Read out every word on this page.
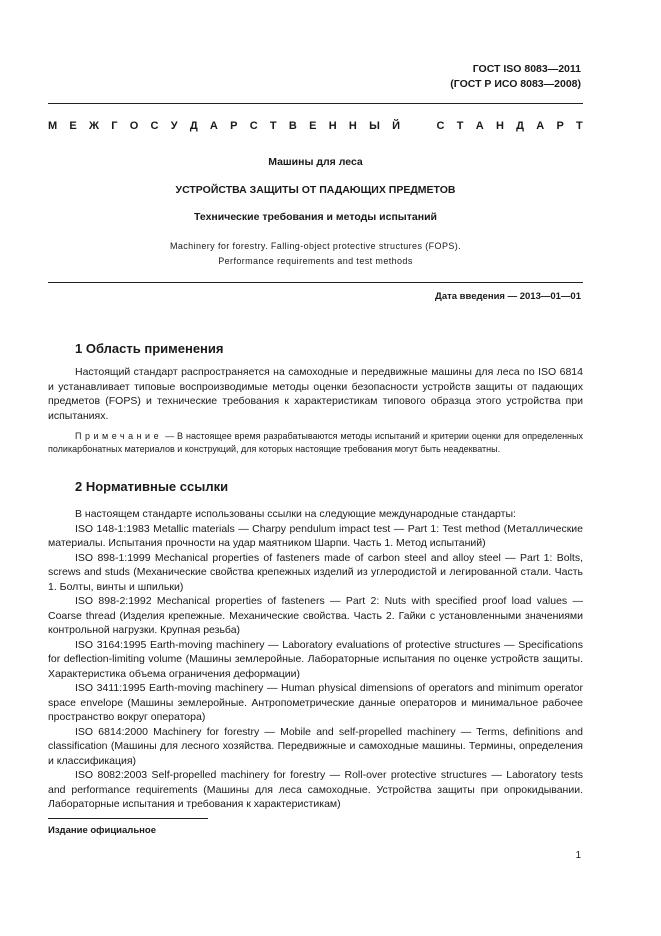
ГОСТ ISO 8083—2011
(ГОСТ Р ИСО 8083—2008)
М Е Ж Г О С У Д А Р С Т В Е Н Н Ы Й	С Т А Н Д А Р Т
Машины для леса
УСТРОЙСТВА ЗАЩИТЫ ОТ ПАДАЮЩИХ ПРЕДМЕТОВ
Технические требования и методы испытаний
Machinery for forestry. Falling-object protective structures (FOPS).
Performance requirements and test methods
Дата введения — 2013—01—01
1 Область применения

Настоящий стандарт распространяется на самоходные и передвижные машины для леса по ISO 6814 и устанавливает типовые воспроизводимые методы оценки безопасности устройств защиты от падающих предметов (FOPS) и технические требования к характеристикам типового образца этого устройства при испытаниях.

Примечание — В настоящее время разрабатываются методы испытаний и критерии оценки для определенных поликарбонатных материалов и конструкций, для которых настоящие требования могут быть неадекватны.
2 Нормативные ссылки

В настоящем стандарте использованы ссылки на следующие международные стандарты:

ISO 148-1:1983 Metallic materials — Charpy pendulum impact test — Part 1: Test method (Металлические материалы. Испытания прочности на удар маятником Шарпи. Часть 1. Метод испытаний)

ISO 898-1:1999 Mechanical properties of fasteners made of carbon steel and alloy steel — Part 1: Bolts, screws and studs (Механические свойства крепежных изделий из углеродистой и легированной стали. Часть 1. Болты, винты и шпильки)

ISO 898-2:1992 Mechanical properties of fasteners — Part 2: Nuts with specified proof load values — Coarse thread (Изделия крепежные. Механические свойства. Часть 2. Гайки с установленными значениями контрольной нагрузки. Крупная резьба)

ISO 3164:1995 Earth-moving machinery — Laboratory evaluations of protective structures — Specifications for deflection-limiting volume (Машины землеройные. Лабораторные испытания по оценке устройств защиты. Характеристика объема ограничения деформации)

ISO 3411:1995 Earth-moving machinery — Human physical dimensions of operators and minimum operator space envelope (Машины землеройные. Антропометрические данные операторов и минимальное рабочее пространство вокруг оператора)

ISO 6814:2000 Machinery for forestry — Mobile and self-propelled machinery — Terms, definitions and classification (Машины для лесного хозяйства. Передвижные и самоходные машины. Термины, определения и классификация)

ISO 8082:2003 Self-propelled machinery for forestry — Roll-over protective structures — Laboratory tests and performance requirements (Машины для леса самоходные. Устройства защиты при опрокидывании. Лабораторные испытания и требования к характеристикам)

Издание официальное
1
